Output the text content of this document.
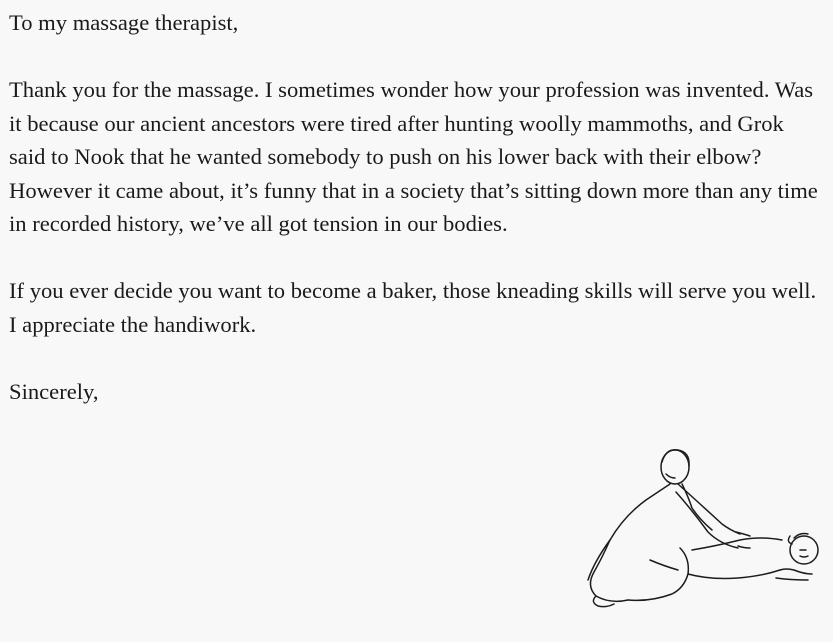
To my massage therapist,

Thank you for the massage. I sometimes wonder how your profession was invented. Was it because our ancient ancestors were tired after hunting woolly mammoths, and Grok said to Nook that he wanted somebody to push on his lower back with their elbow? However it came about, it’s funny that in a society that’s sitting down more than any time in recorded history, we’ve all got tension in our bodies.

If you ever decide you want to become a baker, those kneading skills will serve you well. I appreciate the handiwork.

Sincerely,
